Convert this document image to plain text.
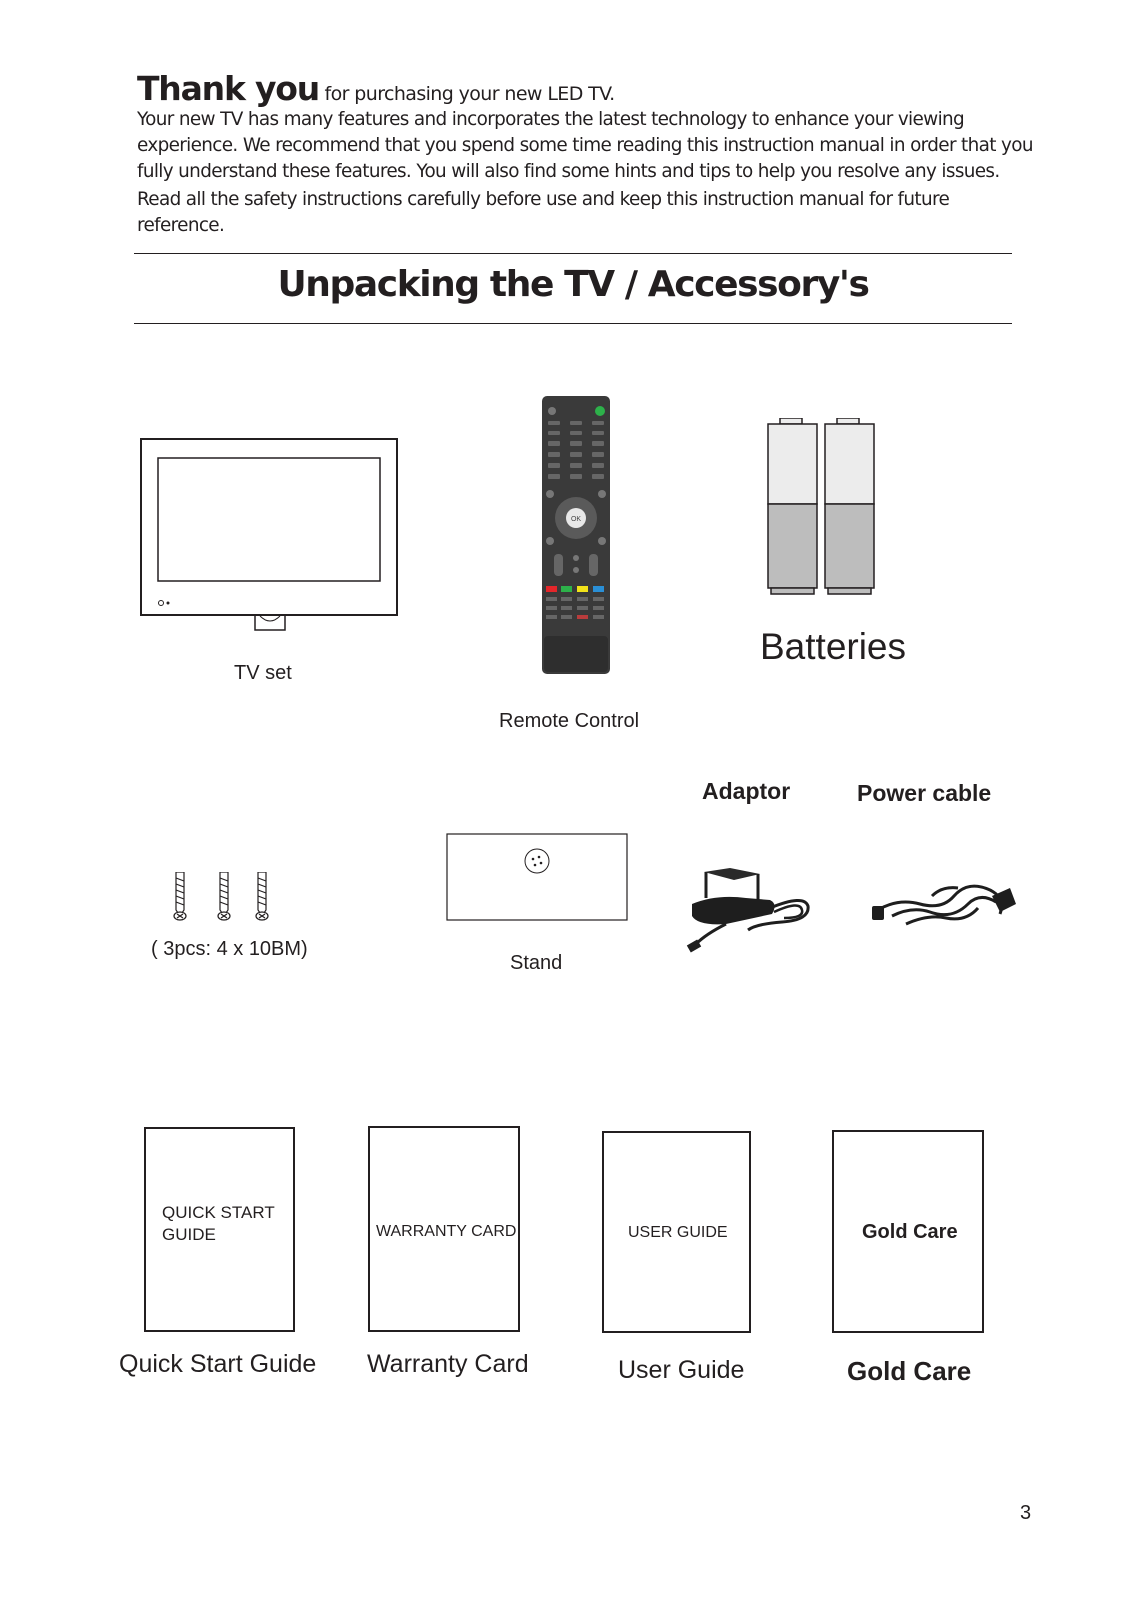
Thank you for purchasing your new LED TV.

Your new TV has many features and incorporates the latest technology to enhance your viewing

experience. We recommend that you spend some time reading this instruction manual in order that you

fully understand these features. You will also find some hints and tips to help you resolve any issues.

Read all the safety instructions carefully before use and keep this instruction manual for future reference.

Unpacking the TV / Accessory's
TV set
OK
Remote Control
Batteries
Adaptor	Power cable
( 3pcs: 4 x 10BM)
Stand
QUICK START GUIDE
Quick Start Guide
WARRANTY CARD
Warranty Card
USER GUIDE
User Guide
Gold Care
Gold Care
3
